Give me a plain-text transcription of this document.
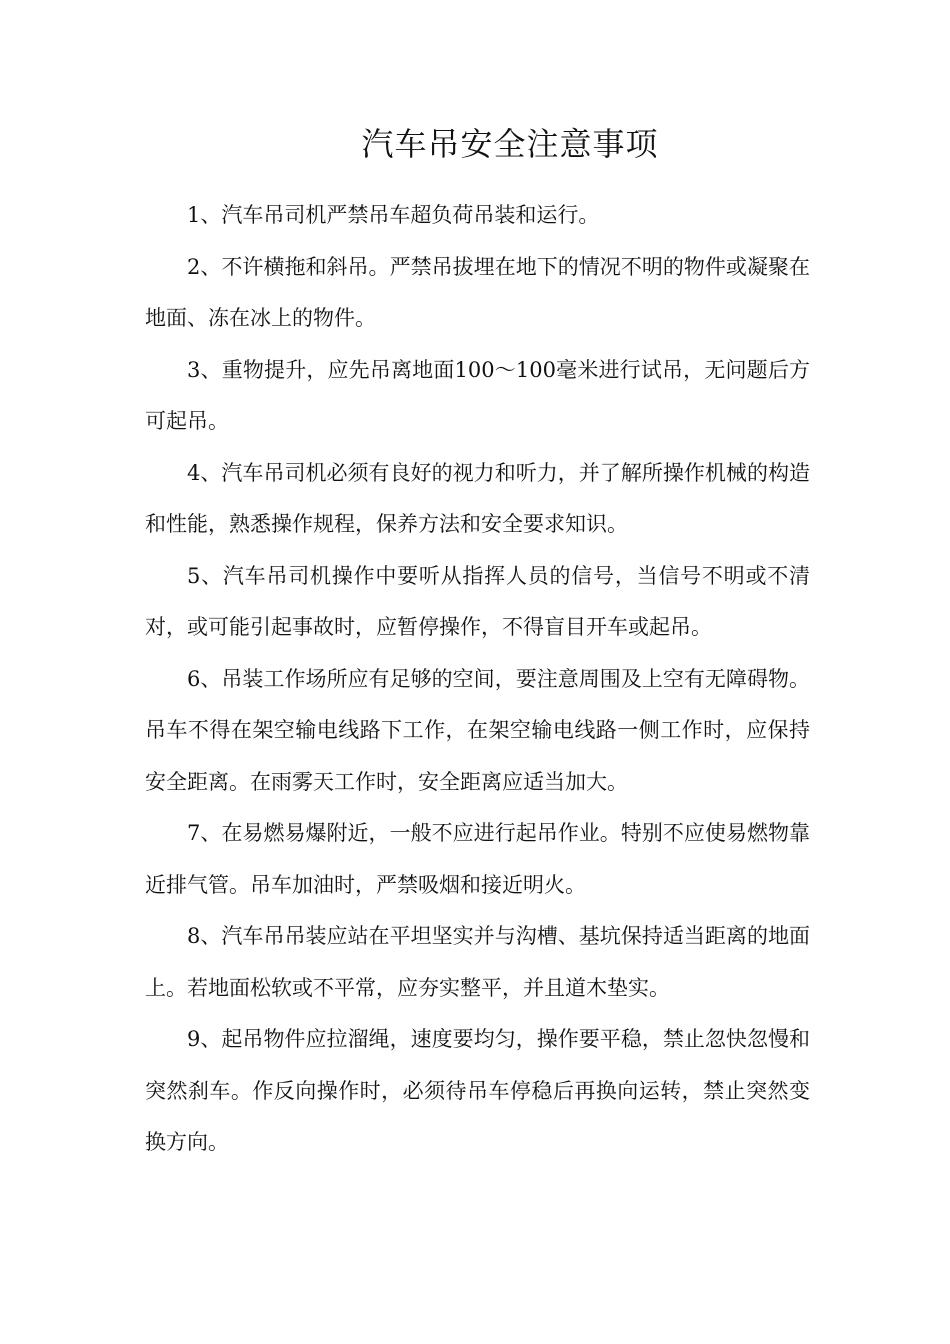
汽车吊安全注意事项

1、汽车吊司机严禁吊车超负荷吊装和运行。

2、不许横拖和斜吊。严禁吊拔埋在地下的情况不明的物件或凝聚在地面、冻在冰上的物件。

3、重物提升，应先吊离地面100～100毫米进行试吊，无问题后方可起吊。

4、汽车吊司机必须有良好的视力和听力，并了解所操作机械的构造和性能，熟悉操作规程，保养方法和安全要求知识。

5、汽车吊司机操作中要听从指挥人员的信号，当信号不明或不清对，或可能引起事故时，应暂停操作，不得盲目开车或起吊。

6、吊装工作场所应有足够的空间，要注意周围及上空有无障碍物。吊车不得在架空输电线路下工作，在架空输电线路一侧工作时，应保持安全距离。在雨雾天工作时，安全距离应适当加大。

7、在易燃易爆附近，一般不应进行起吊作业。特别不应使易燃物靠近排气管。吊车加油时，严禁吸烟和接近明火。

8、汽车吊吊装应站在平坦坚实并与沟槽、基坑保持适当距离的地面上。若地面松软或不平常，应夯实整平，并且道木垫实。

9、起吊物件应拉溜绳，速度要均匀，操作要平稳，禁止忽快忽慢和突然刹车。作反向操作时，必须待吊车停稳后再换向运转，禁止突然变换方向。
